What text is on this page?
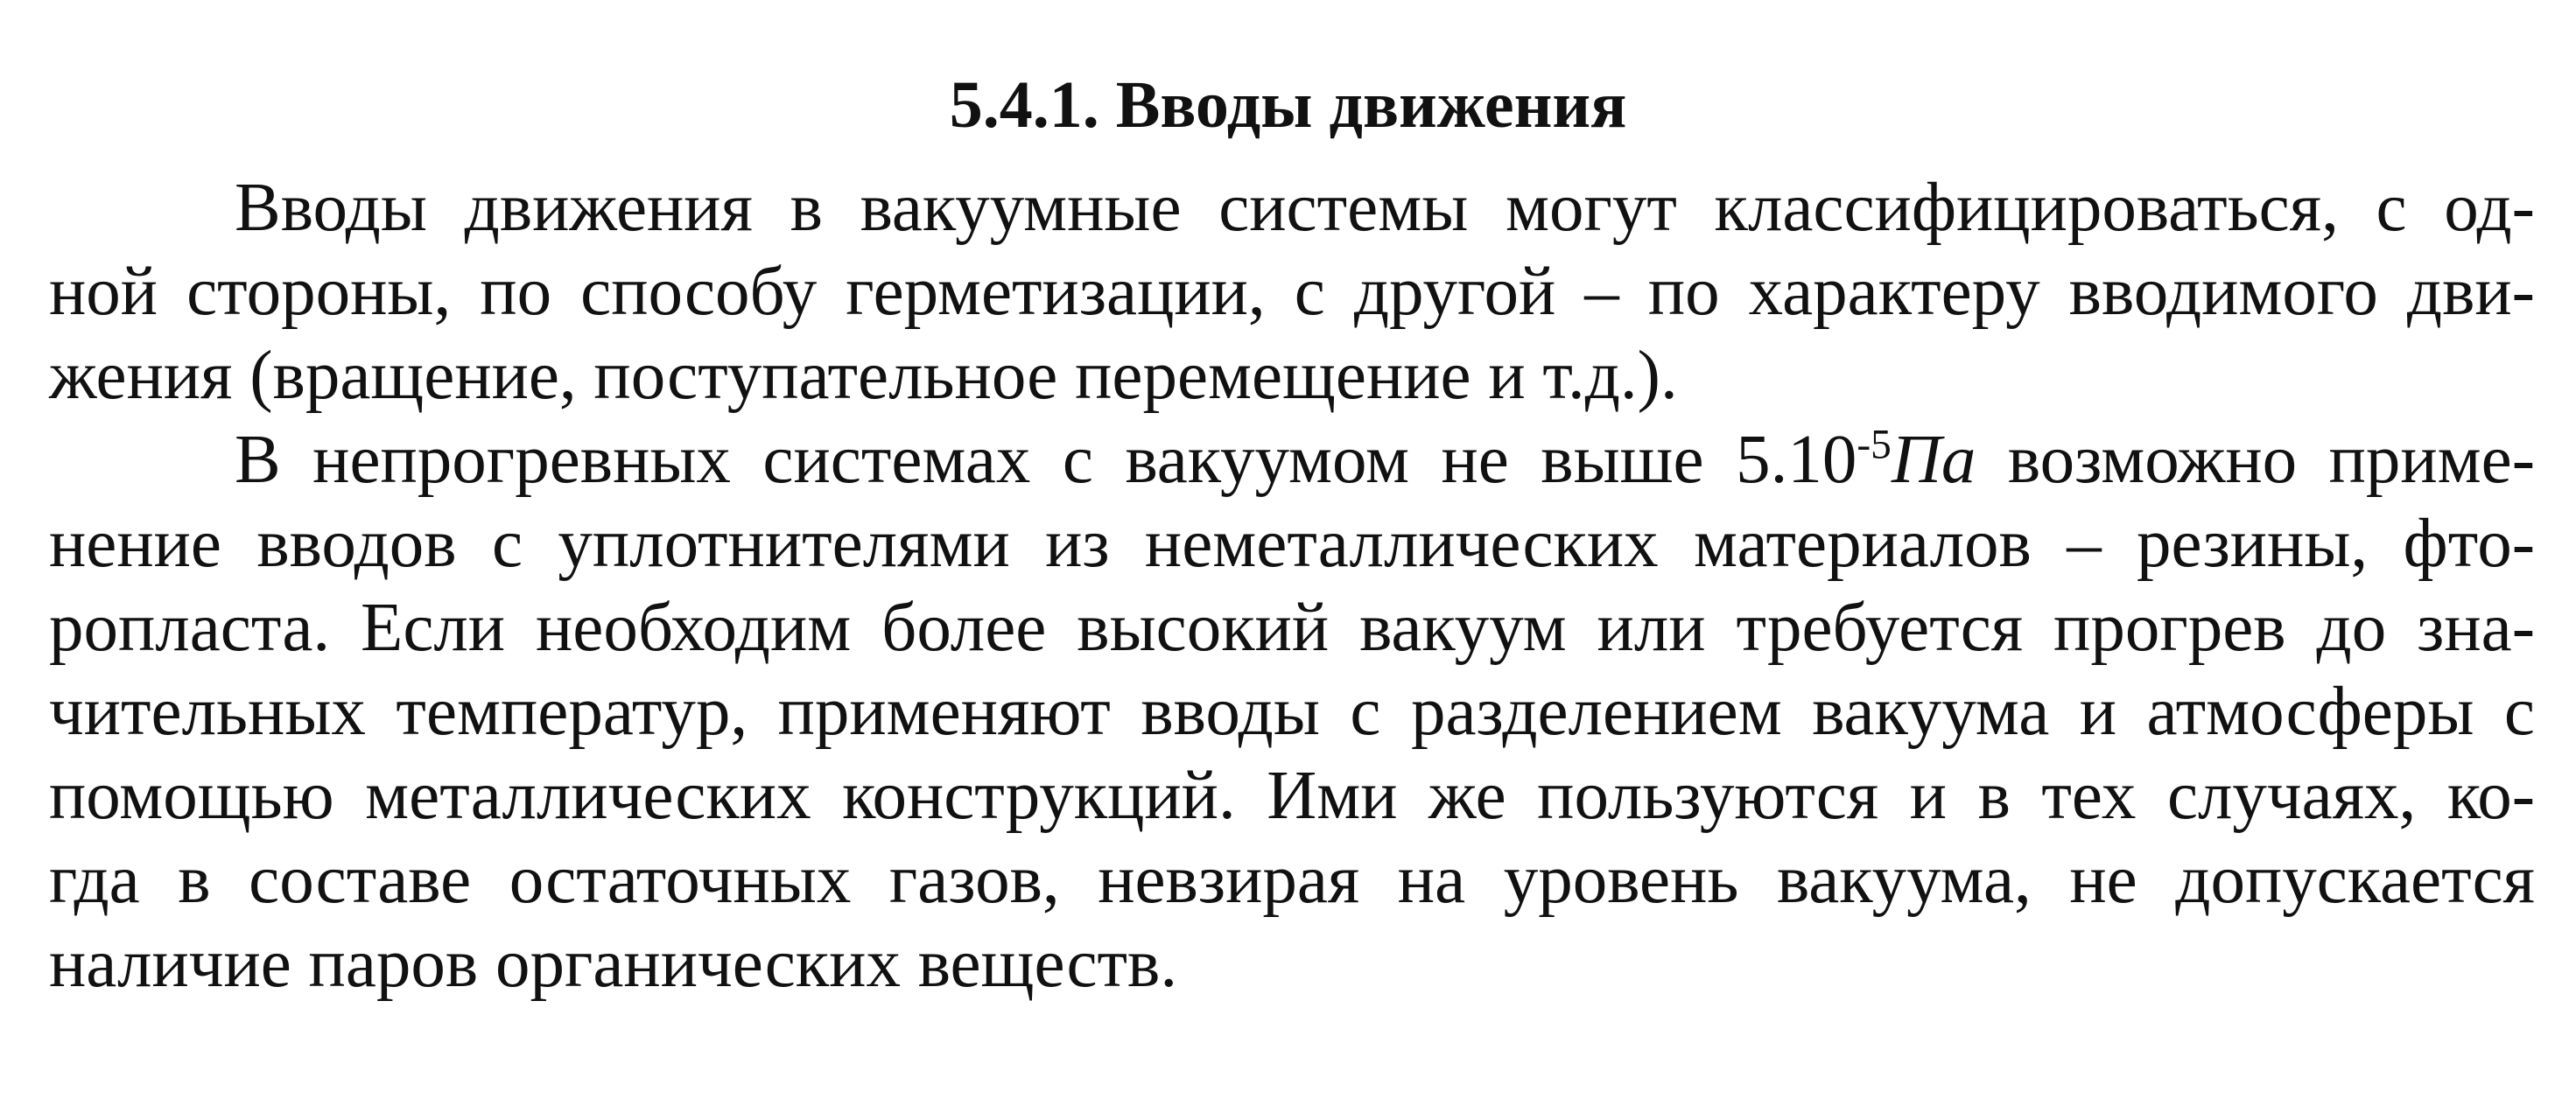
5.4.1. Вводы движения

Вводы движения в вакуумные системы могут классифицироваться, с од-

ной стороны, по способу герметизации, с другой – по характеру вводимого дви-

жения (вращение, поступательное перемещение и т.д.).

В непрогревных системах с вакуумом не выше $5.10^{-5}Па$ возможно приме-

нение вводов с уплотнителями из неметаллических материалов – резины, фто-

ропласта. Если необходим более высокий вакуум или требуется прогрев до зна-

чительных температур, применяют вводы с разделением вакуума и атмосферы с

помощью металлических конструкций. Ими же пользуются и в тех случаях, ко-

гда в составе остаточных газов, невзирая на уровень вакуума, не допускается

наличие паров органических веществ.
